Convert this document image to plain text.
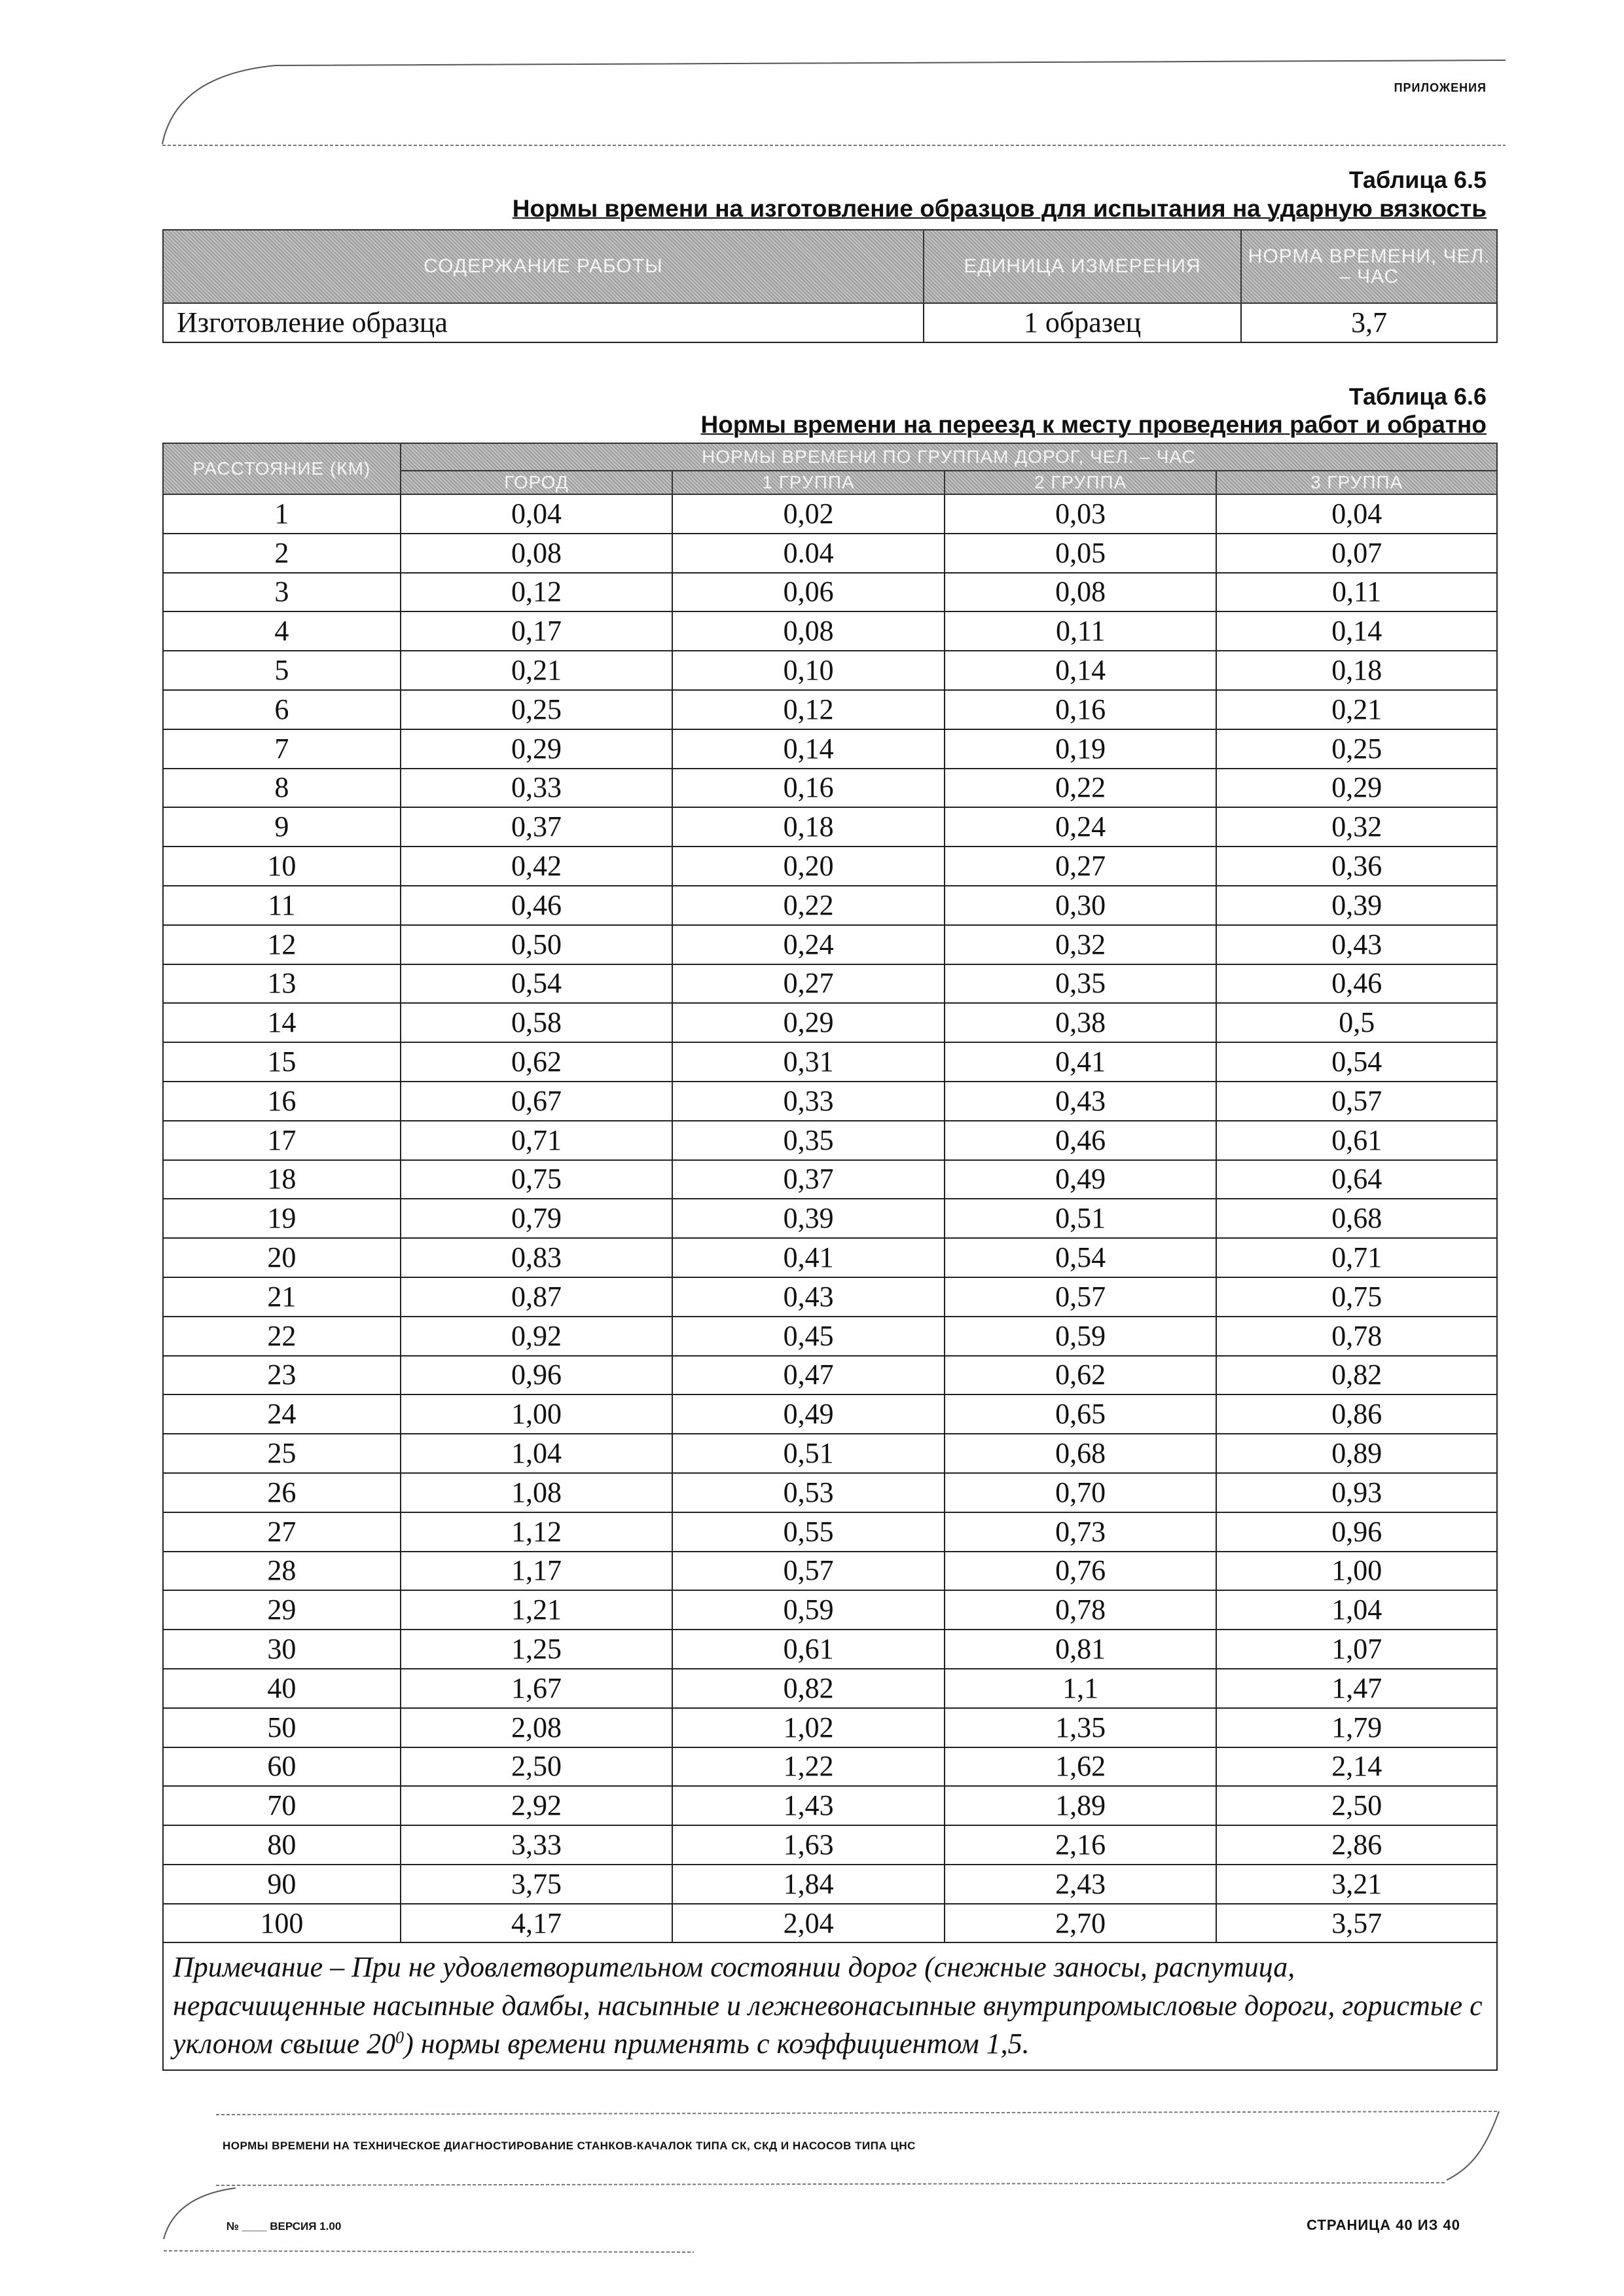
ПРИЛОЖЕНИЯ
Таблица 6.5
Нормы времени на изготовление образцов для испытания на ударную вязкость
СОДЕРЖАНИЕ РАБОТЫ	ЕДИНИЦА ИЗМЕРЕНИЯ	НОРМА ВРЕМЕНИ, ЧЕЛ. – ЧАС
Изготовление образца	1 образец	3,7
Таблица 6.6
Нормы времени на переезд к месту проведения работ и обратно
РАССТОЯНИЕ (КМ)	НОРМЫ ВРЕМЕНИ ПО ГРУППАМ ДОРОГ, ЧЕЛ. – ЧАС			
	ГОРОД	1 ГРУППА	2 ГРУППА	3 ГРУППА
1	0,04	0,02	0,03	0,04
2	0,08	0.04	0,05	0,07
3	0,12	0,06	0,08	0,11
4	0,17	0,08	0,11	0,14
5	0,21	0,10	0,14	0,18
6	0,25	0,12	0,16	0,21
7	0,29	0,14	0,19	0,25
8	0,33	0,16	0,22	0,29
9	0,37	0,18	0,24	0,32
10	0,42	0,20	0,27	0,36
11	0,46	0,22	0,30	0,39
12	0,50	0,24	0,32	0,43
13	0,54	0,27	0,35	0,46
14	0,58	0,29	0,38	0,5
15	0,62	0,31	0,41	0,54
16	0,67	0,33	0,43	0,57
17	0,71	0,35	0,46	0,61
18	0,75	0,37	0,49	0,64
19	0,79	0,39	0,51	0,68
20	0,83	0,41	0,54	0,71
21	0,87	0,43	0,57	0,75
22	0,92	0,45	0,59	0,78
23	0,96	0,47	0,62	0,82
24	1,00	0,49	0,65	0,86
25	1,04	0,51	0,68	0,89
26	1,08	0,53	0,70	0,93
27	1,12	0,55	0,73	0,96
28	1,17	0,57	0,76	1,00
29	1,21	0,59	0,78	1,04
30	1,25	0,61	0,81	1,07
40	1,67	0,82	1,1	1,47
50	2,08	1,02	1,35	1,79
60	2,50	1,22	1,62	2,14
70	2,92	1,43	1,89	2,50
80	3,33	1,63	2,16	2,86
90	3,75	1,84	2,43	3,21
100	4,17	2,04	2,70	3,57
Примечание – При не удовлетворительном состоянии дорог (снежные заносы, распутица, нерасчищенные насыпные дамбы, насыпные и лежневонасыпные внутрипромысловые дороги, гористые с уклоном свыше $20^0$) нормы времени применять с коэффициентом 1,5.				
НОРМЫ ВРЕМЕНИ НА ТЕХНИЧЕСКОЕ ДИАГНОСТИРОВАНИЕ СТАНКОВ-КАЧАЛОК ТИПА СК, СКД И НАСОСОВ ТИПА ЦНС
№ ____ ВЕРСИЯ 1.00	СТРАНИЦА 40 ИЗ 40
